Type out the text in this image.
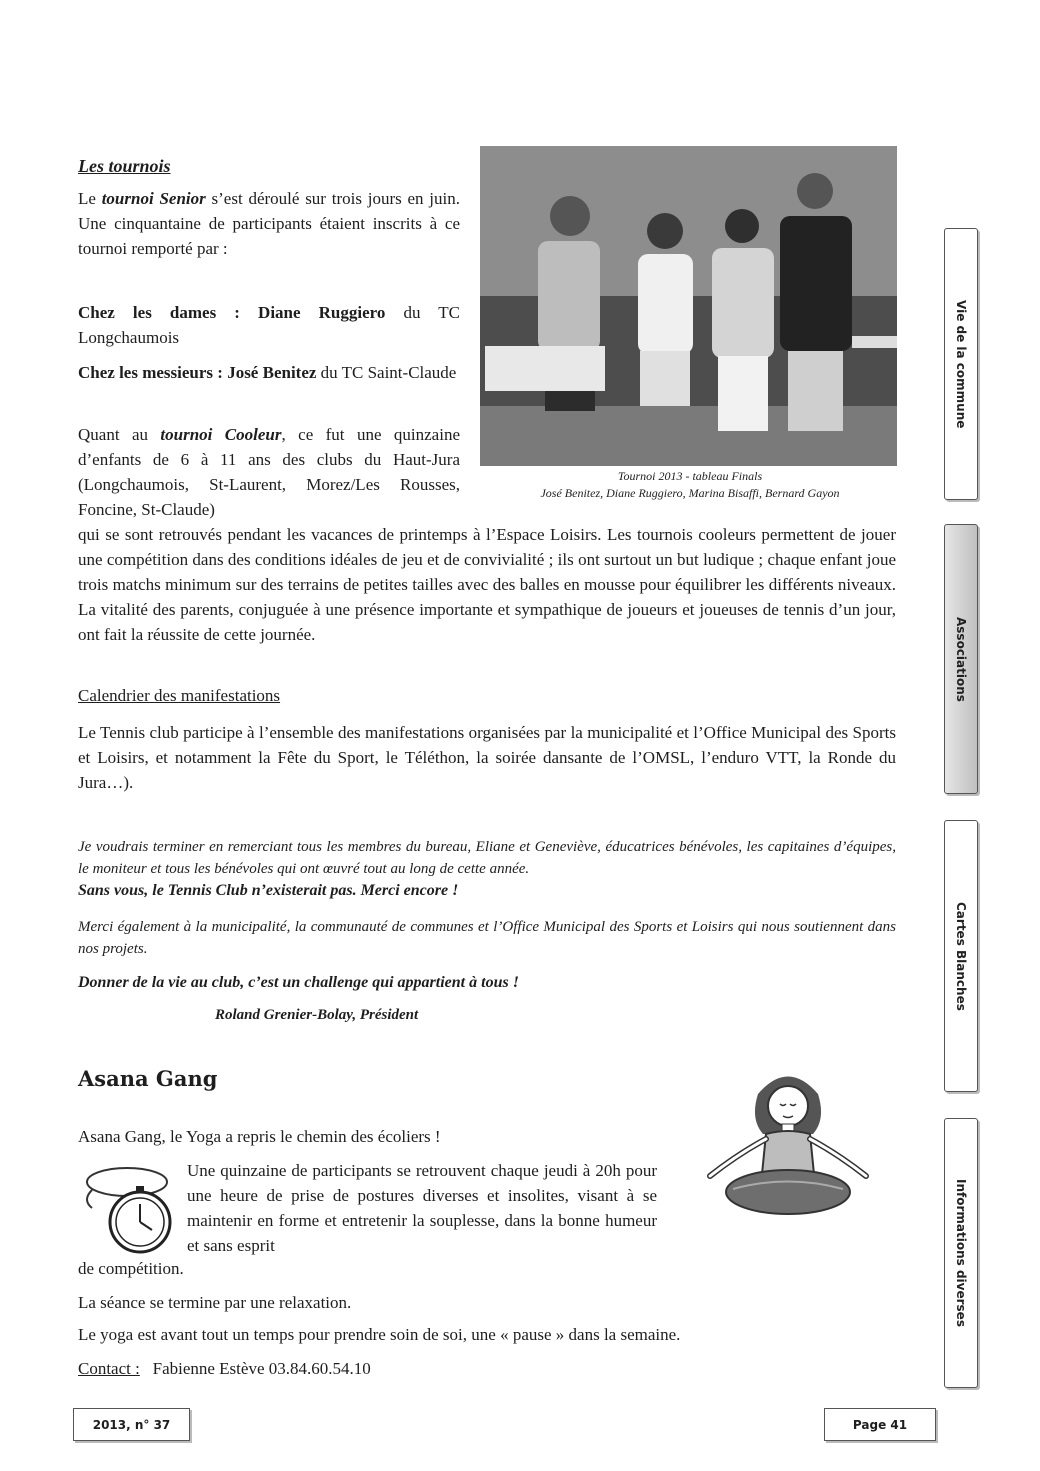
Les tournois

Le tournoi Senior s’est déroulé sur trois jours en juin. Une cinquantaine de participants étaient inscrits à ce tournoi remporté par :

Chez les dames : Diane Ruggiero du TC Longchaumois

Chez les messieurs : José Benitez du TC Saint-Claude

Quant au tournoi Cooleur, ce fut une quinzaine d’enfants de 6 à 11 ans des clubs du Haut-Jura (Longchaumois, St-Laurent, Morez/Les Rousses, Foncine, St-Claude)

qui se sont retrouvés pendant les vacances de printemps à l’Espace Loisirs. Les tournois cooleurs permettent de jouer une compétition dans des conditions idéales de jeu et de convivialité ; ils ont surtout un but ludique ; chaque enfant joue trois matchs minimum sur des terrains de petites tailles avec des balles en mousse pour équilibrer les différents niveaux. La vitalité des parents, conjuguée à une présence importante et sympathique de joueurs et joueuses de tennis d’un jour, ont fait la réussite de cette journée.

Tournoi 2013 - tableau Finals
José Benitez, Diane Ruggiero, Marina Bisaffi, Bernard Gayon
Calendrier des manifestations

Le Tennis club participe à l’ensemble des manifestations organisées par la municipalité et l’Office Municipal des Sports et Loisirs, et notamment la Fête du Sport, le Téléthon, la soirée dansante de l’OMSL, l’enduro VTT, la Ronde du Jura…).

Je voudrais terminer en remerciant tous les membres du bureau, Eliane et Geneviève, éducatrices bénévoles, les capitaines d’équipes, le moniteur et tous les bénévoles qui ont œuvré tout au long de cette année.
Sans vous, le Tennis Club n’existerait pas. Merci encore !

Merci également à la municipalité, la communauté de communes et l’Office Municipal des Sports et Loisirs qui nous soutiennent dans nos projets.

Donner de la vie au club, c’est un challenge qui appartient à tous !

Roland Grenier-Bolay, Président

Asana Gang

Asana Gang, le Yoga a repris le chemin des écoliers !

Une quinzaine de participants se retrouvent chaque jeudi à 20h pour une heure de prise de postures diverses et insolites, visant à se maintenir en forme et entretenir la souplesse, dans la bonne humeur et sans esprit

de compétition.

La séance se termine par une relaxation.

Le yoga est avant tout un temps pour prendre soin de soi, une « pause » dans la semaine.

Contact : Fabienne Estève 03.84.60.54.10

Vie de la commune
Associations
Cartes Blanches
Informations diverses
2013, n° 37	Page 41
